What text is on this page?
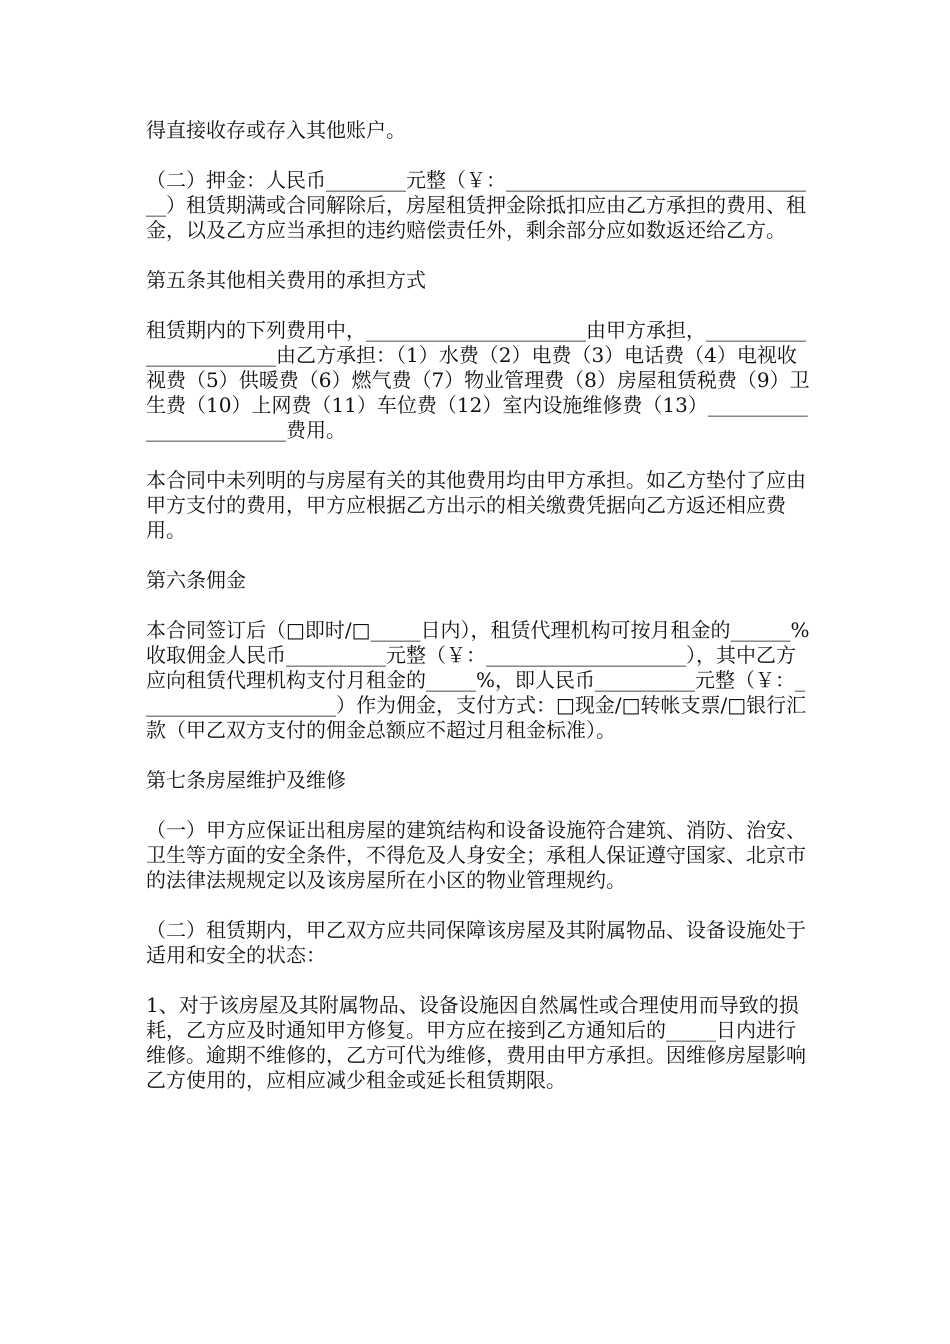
得直接收存或存入其他账户。

（二）押金：人民币________元整（￥：________________________________）租赁期满或合同解除后，房屋租赁押金除抵扣应由乙方承担的费用、租金，以及乙方应当承担的违约赔偿责任外，剩余部分应如数返还给乙方。

第五条其他相关费用的承担方式

租赁期内的下列费用中，______________________由甲方承担，_______________________由乙方承担：（1）水费（2）电费（3）电话费（4）电视收视费（5）供暖费（6）燃气费（7）物业管理费（8）房屋租赁税费（9）卫生费（10）上网费（11）车位费（12）室内设施维修费（13）________________________费用。

本合同中未列明的与房屋有关的其他费用均由甲方承担。如乙方垫付了应由甲方支付的费用，甲方应根据乙方出示的相关缴费凭据向乙方返还相应费用。

第六条佣金

本合同签订后（□即时/□_____日内），租赁代理机构可按月租金的______%收取佣金人民币__________元整（￥：____________________），其中乙方应向租赁代理机构支付月租金的_____%，即人民币__________元整（￥：____________________）作为佣金，支付方式：□现金/□转帐支票/□银行汇款（甲乙双方支付的佣金总额应不超过月租金标准）。

第七条房屋维护及维修

（一）甲方应保证出租房屋的建筑结构和设备设施符合建筑、消防、治安、卫生等方面的安全条件，不得危及人身安全；承租人保证遵守国家、北京市的法律法规规定以及该房屋所在小区的物业管理规约。

（二）租赁期内，甲乙双方应共同保障该房屋及其附属物品、设备设施处于适用和安全的状态：

1、对于该房屋及其附属物品、设备设施因自然属性或合理使用而导致的损耗，乙方应及时通知甲方修复。甲方应在接到乙方通知后的_____日内进行维修。逾期不维修的，乙方可代为维修，费用由甲方承担。因维修房屋影响乙方使用的，应相应减少租金或延长租赁期限。
